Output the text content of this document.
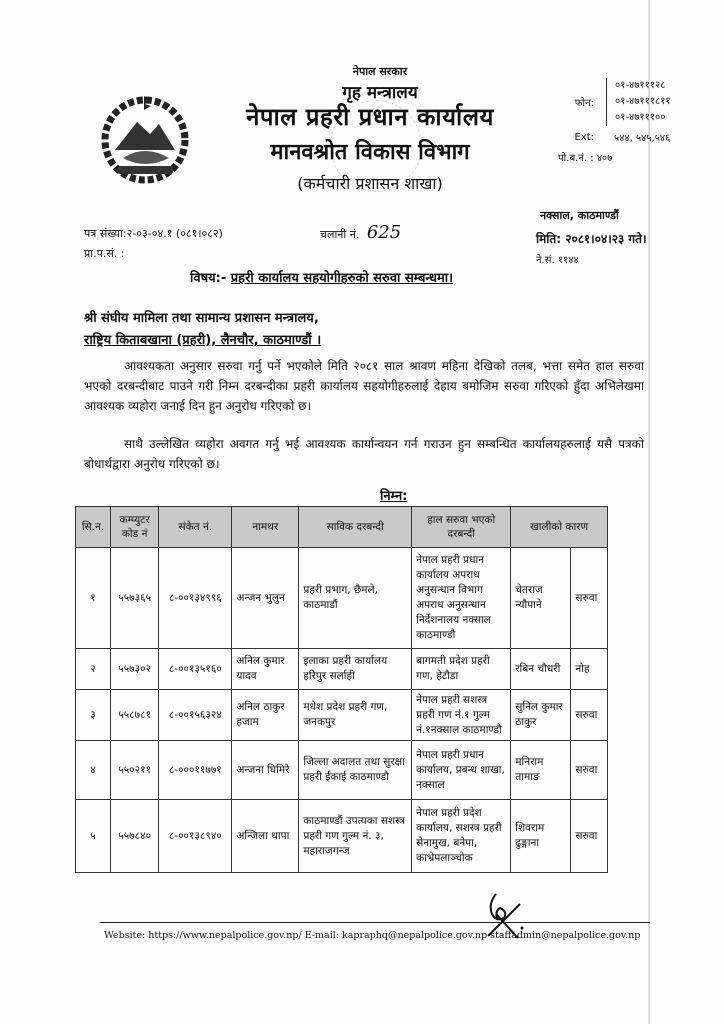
नेपाल सरकार
गृह मन्त्रालय
नेपाल प्रहरी प्रधान कार्यालय
मानवश्रोत विकास विभाग
(कर्मचारी प्रशासन शाखा)
फोन:
०१-४७१११२८
०१-४७१११८११
०१-४७१११००
Ext:	५४४, ५४५,५४६
पो.ब.नं. : ४०७
नक्साल, काठमाण्डौं
पत्र संख्या:२-०३-०४.१ (०८१।०८२)	चलानी नं. 625	मिति: २०८१।०४।२३ गते।
प्रा.प.सं. :
ने.सं. ११४४
विषय:- प्रहरी कार्यालय सहयोगीहरुको सरुवा सम्बन्धमा।
श्री संघीय मामिला तथा सामान्य प्रशासन मन्त्रालय,
राष्ट्रिय किताबखाना (प्रहरी), लैनचौर, काठमाण्डौं ।
आवश्यकता अनुसार सरुवा गर्नु पर्ने भएकोले मिति २०८१ साल श्रावण महिना देखिको तलब, भत्ता समेत हाल सरुवा भएको दरबन्दीबाट पाउने गरी निम्न दरबन्दीका प्रहरी कार्यालय सहयोगीहरुलाई देहाय बमोजिम सरुवा गरिएको हुँदा अभिलेखमा आवश्यक व्यहोरा जनाई दिन हुन अनुरोध गरिएको छ।
साथै उल्लेखित व्यहोरा अवगत गर्नु भई आवश्यक कार्यान्वयन गर्न गराउन हुन सम्बन्धित कार्यालयहरुलाई यसै पत्रको बोधार्थद्वारा अनुरोध गरिएको छ।
निम्न:
सि.न.	कम्प्युटर कोड नं	संकेत नं.	नामथर	साविक दरबन्दी	हाल सरुवा भएको दरबन्दी	खालीको कारण	
१	५५७३६५	८-००१३४९९६	अन्जन भुलुन	प्रहरी प्रभाग, छैमले, काठमाडौं	नेपाल प्रहरी प्रधान कार्यालय अपराध अनुसन्धान विभाग अपराध अनुसन्धान निर्देशनालय नक्साल काठमाण्डौ	चेतराज न्यौपाने	सरुवा
२	५५७३०२	८-००१३५१६०	अनिल कुमार यादव	इलाका प्रहरी कार्यालय हरिपुर सर्लाही	बागमती प्रदेश प्रहरी गण, हेटौडा	रबिन चौधरी	नोह
३	५५८७८१	८-००१५६३२४	अनिल ठाकुर हजाम	मधेश प्रदेश प्रहरी गण, जनकपुर	नेपाल प्रहरी सशस्त्र प्रहरी गण नं.१ गुल्म नं.१नक्साल काठमाण्डौ	सुनिल कुमार ठाकुर	सरुवा
४	५५०२११	८-०००११७७१	अन्जना घिमिरे	जिल्ला अदालत तथा सुरक्षा प्रहरी ईकाई काठमाण्डौ	नेपाल प्रहरी प्रधान कार्यालय, प्रबन्ध शाखा, नक्साल	मनिराम तामाङ	सरुवा
५	५५७८४०	८-००१३८९४०	अन्जिला थापा	काठमाण्डौं उपत्यका सशस्त्र प्रहरी गण गुल्म नं. ३, महाराजगन्ज	नेपाल प्रहरी प्रदेश कार्यालय, सशस्त्र प्रहरी सेनामुख, बनेपा, काभ्रेपलाञ्चोक	शिवराम ढुङ्गाना	सरुवा
Website: https://www.nepalpolice.gov.np/ E-mail: kapraphq@nepalpolice.gov.np staffadmin@nepalpolice.gov.np
